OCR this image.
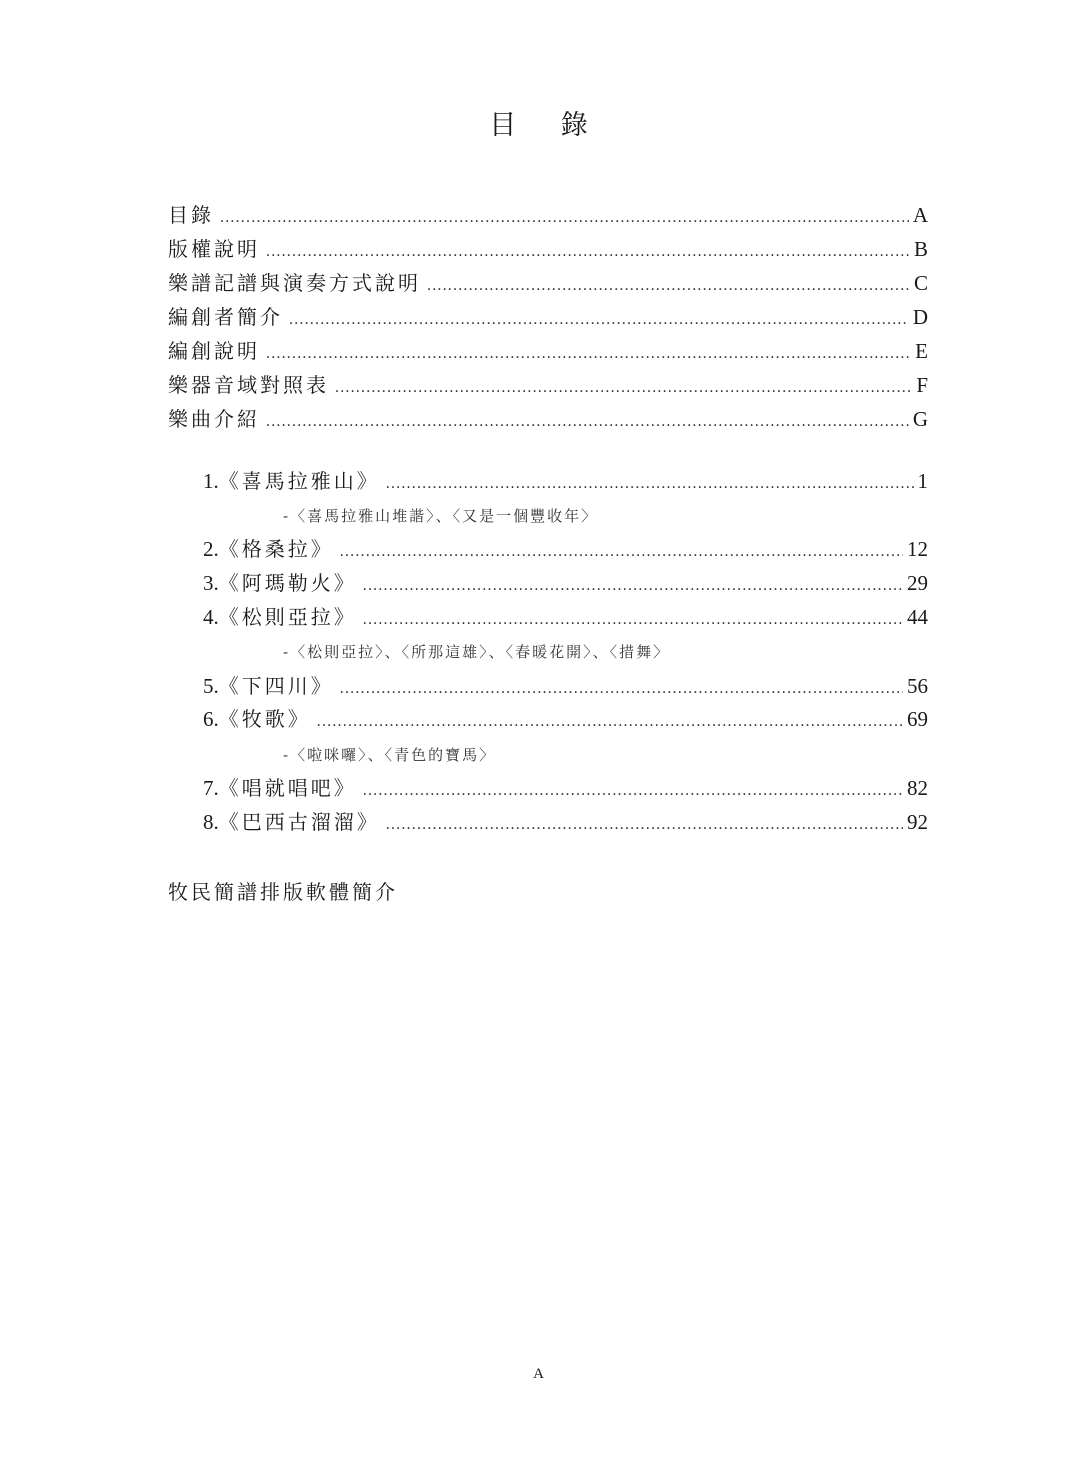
目 錄
目錄 .....	A
版權說明 .....	B
樂譜記譜與演奏方式說明 .....	C
編創者簡介 .....	D
編創說明 .....	E
樂器音域對照表 .....	F
樂曲介紹 .....	G
1.《喜馬拉雅山》 .....	1
-〈喜馬拉雅山堆諧〉、〈又是一個豐收年〉
2.《格桑拉》 .....	12
3.《阿瑪勒火》 .....	29
4.《松則亞拉》 .....	44
-〈松則亞拉〉、〈所那這雄〉、〈春暖花開〉、〈措舞〉
5.《下四川》 .....	56
6.《牧歌》 .....	69
-〈啦咪囉〉、〈青色的寶馬〉
7.《唱就唱吧》 .....	82
8.《巴西古溜溜》 .....	92
牧民簡譜排版軟體簡介
A
